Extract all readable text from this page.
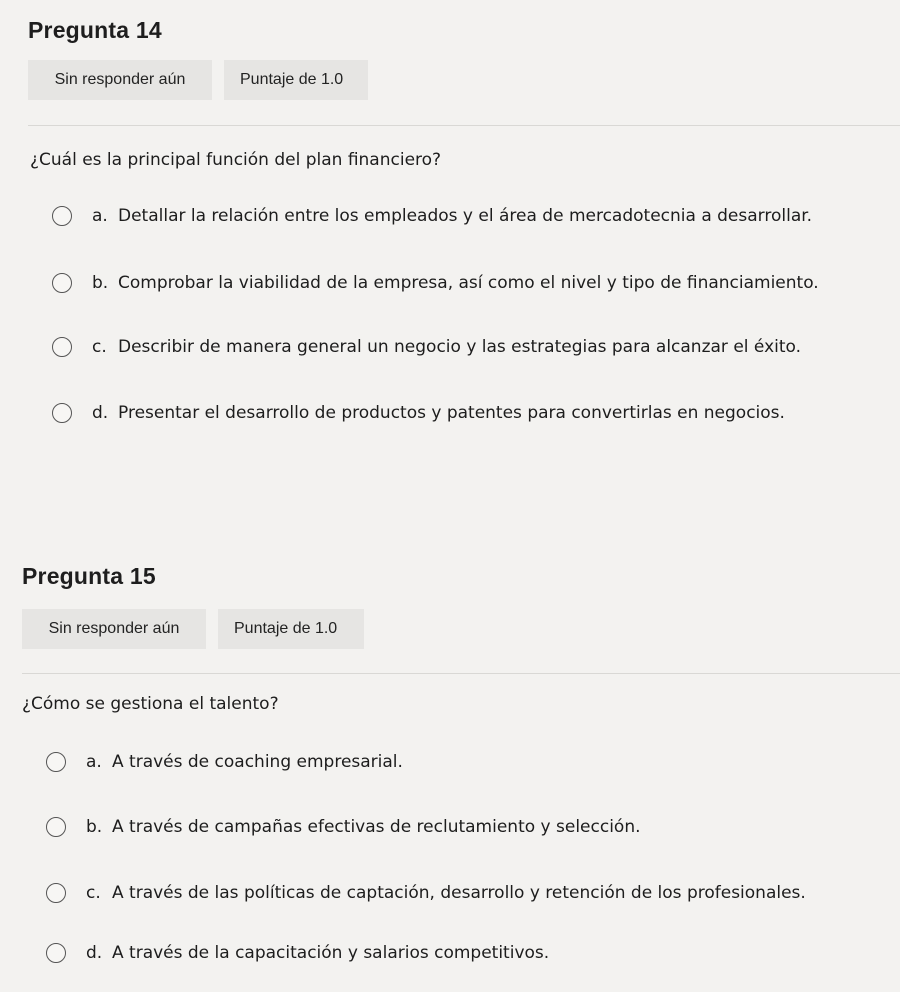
Pregunta 14
Sin responder aún	Puntaje de 1.0
¿Cuál es la principal función del plan financiero?
a. Detallar la relación entre los empleados y el área de mercadotecnia a desarrollar.
b. Comprobar la viabilidad de la empresa, así como el nivel y tipo de financiamiento.
c. Describir de manera general un negocio y las estrategias para alcanzar el éxito.
d. Presentar el desarrollo de productos y patentes para convertirlas en negocios.
Pregunta 15
Sin responder aún	Puntaje de 1.0
¿Cómo se gestiona el talento?
a. A través de coaching empresarial.
b. A través de campañas efectivas de reclutamiento y selección.
c. A través de las políticas de captación, desarrollo y retención de los profesionales.
d. A través de la capacitación y salarios competitivos.
